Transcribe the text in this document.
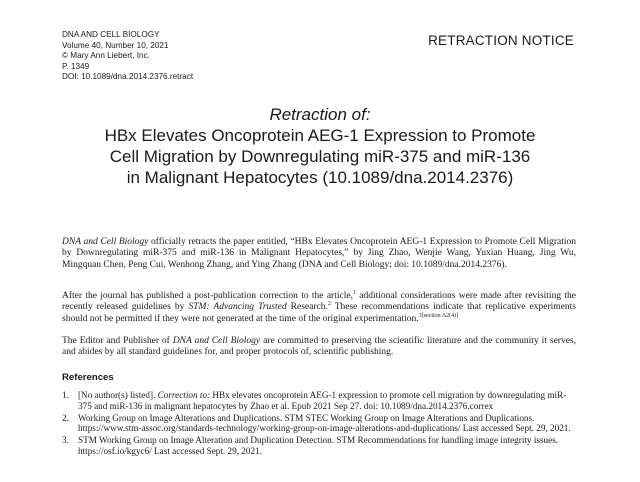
DNA AND CELL BIOLOGY
Volume 40, Number 10, 2021
© Mary Ann Liebert, Inc.
P. 1349
DOI: 10.1089/dna.2014.2376.retract
RETRACTION NOTICE
Retraction of:
HBx Elevates Oncoprotein AEG-1 Expression to Promote
Cell Migration by Downregulating miR-375 and miR-136
in Malignant Hepatocytes (10.1089/dna.2014.2376)
DNA and Cell Biology officially retracts the paper entitled, “HBx Elevates Oncoprotein AEG-1 Expression to Promote Cell Migration by Downregulating miR-375 and miR-136 in Malignant Hepatocytes,” by Jing Zhao, Wenjie Wang, Yuxian Huang, Jing Wu, Mingquan Chen, Peng Cui, Wenhong Zhang, and Ying Zhang (DNA and Cell Biology; doi: 10.1089/dna.2014.2376).
After the journal has published a post-publication correction to the article,$^1$ additional considerations were made after revisiting the recently released guidelines by STM: Advancing Trusted Research.$^2$ These recommendations indicate that replicative experiments should not be permitted if they were not generated at the time of the original experimentation.$^{3[section A2(4)]}$
The Editor and Publisher of DNA and Cell Biology are committed to preserving the scientific literature and the community it serves, and abides by all standard guidelines for, and proper protocols of, scientific publishing.
References
1. [No author(s) listed]. Correction to: HBx elevates oncoprotein AEG-1 expression to promote cell migration by downregulating miR-375 and miR-136 in malignant hepatocytes by Zhao et al. Epub 2021 Sep 27. doi: 10.1089/dna.2014.2376.correx
2. Working Group on Image Alterations and Duplications. STM STEC Working Group on Image Alterations and Duplications. https://www.stm-assoc.org/standards-technology/working-group-on-image-alterations-and-duplications/ Last accessed Sept. 29, 2021.
3. STM Working Group on Image Alteration and Duplication Detection. STM Recommendations for handling image integrity issues. https://osf.io/kgyc6/ Last accessed Sept. 29, 2021.
